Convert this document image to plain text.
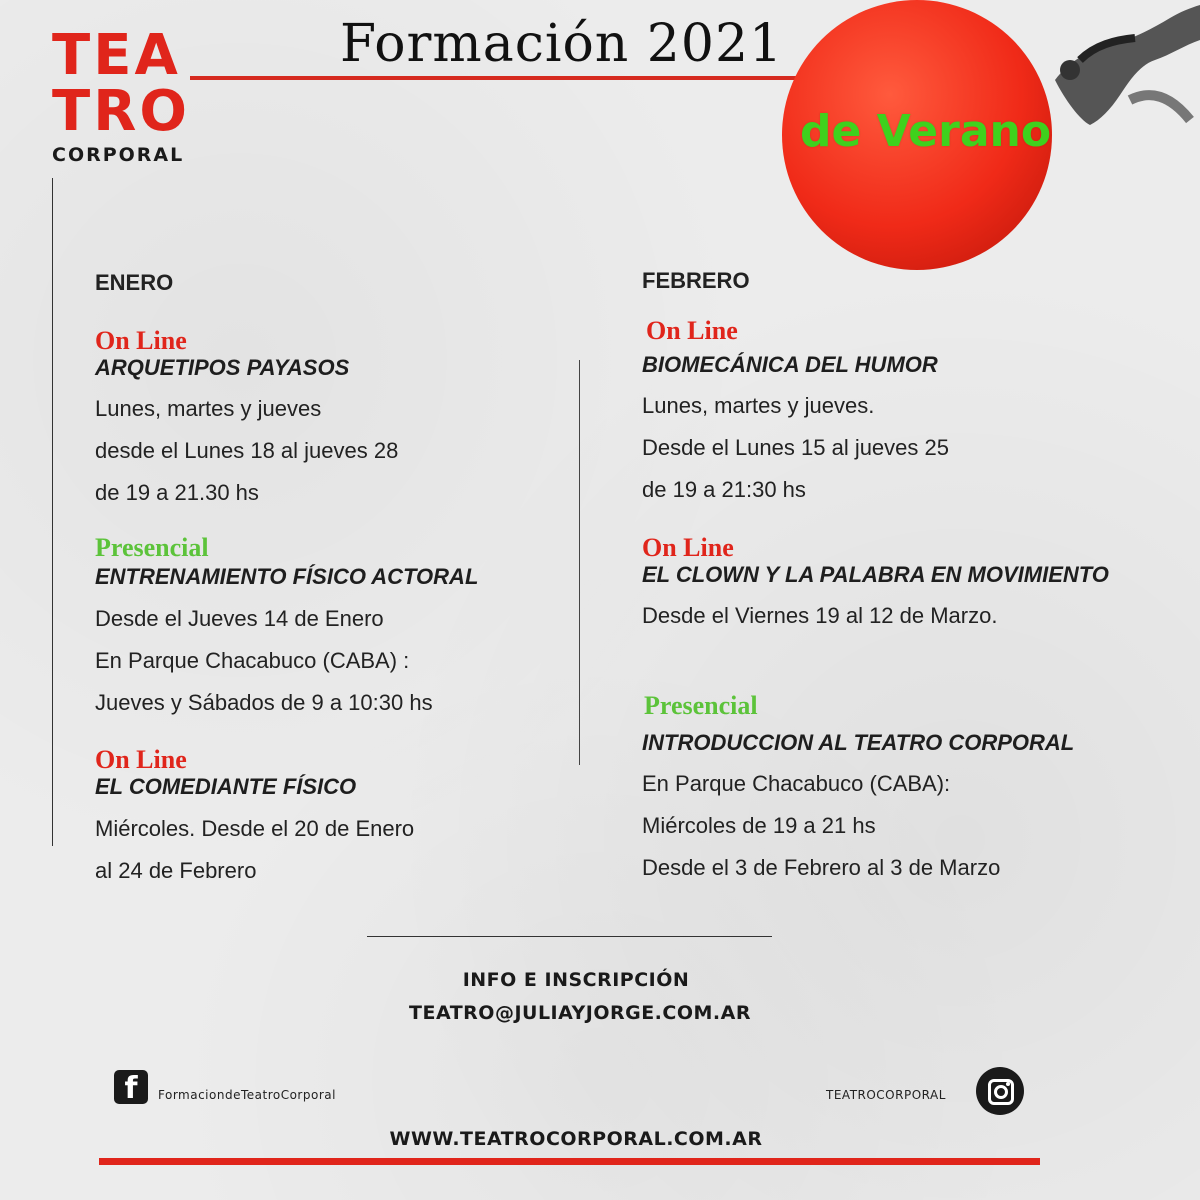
TEA
TRO
CORPORAL
Formación 2021
de Verano
ENERO
On Line
ARQUETIPOS PAYASOS
Lunes, martes y jueves
desde el Lunes 18 al jueves 28
de 19 a 21.30 hs
Presencial
ENTRENAMIENTO FÍSICO ACTORAL
Desde el Jueves 14 de Enero
En Parque Chacabuco (CABA) :
Jueves y Sábados de 9 a 10:30 hs
On Line
EL COMEDIANTE FÍSICO
Miércoles. Desde el 20 de Enero
al 24 de Febrero
FEBRERO
On Line
BIOMECÁNICA DEL HUMOR
Lunes, martes y jueves.
Desde el Lunes 15 al jueves 25
de 19 a 21:30 hs
On Line
EL CLOWN Y LA PALABRA EN MOVIMIENTO
Desde el Viernes 19 al 12 de Marzo.
Presencial
INTRODUCCION AL TEATRO CORPORAL
En Parque Chacabuco (CABA):
Miércoles de 19 a 21 hs
Desde el 3 de Febrero al 3 de Marzo
INFO E INSCRIPCIÓN
TEATRO@JULIAYJORGE.COM.AR
f	FormaciondeTeatroCorporal	TEATROCORPORAL
WWW.TEATROCORPORAL.COM.AR
